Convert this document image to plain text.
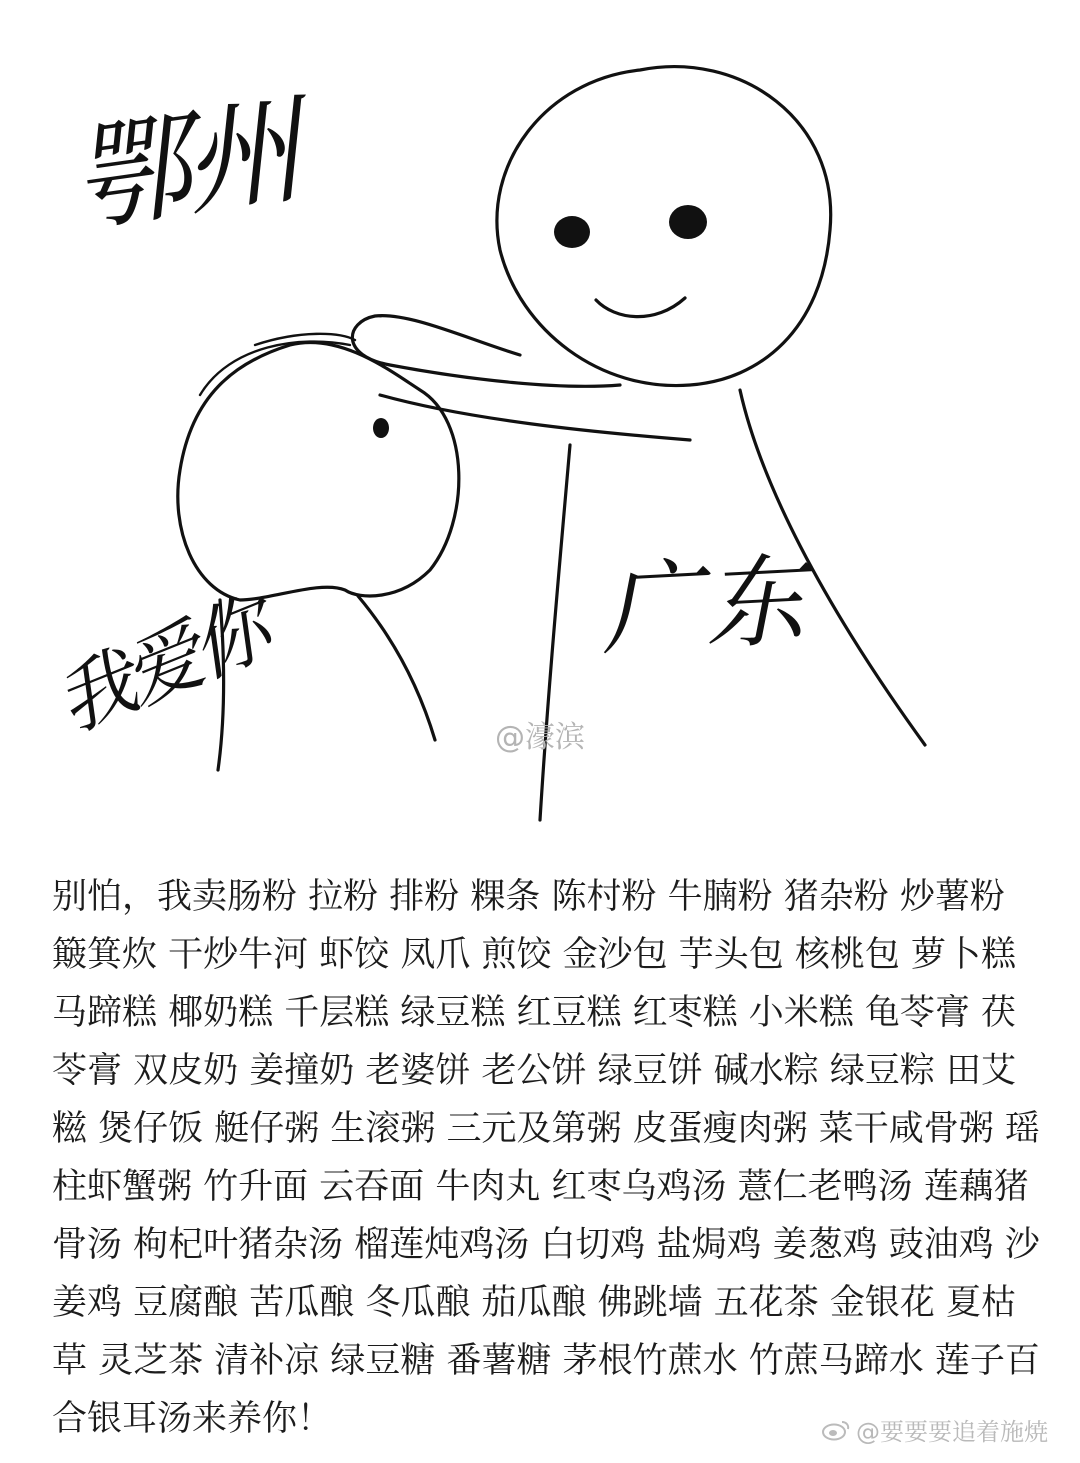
鄂州
广东
我爱你	@濠滨
别怕，我卖肠粉 拉粉 排粉 粿条 陈村粉 牛腩粉 猪杂粉 炒薯粉 簸箕炊 干炒牛河 虾饺 凤爪 煎饺 金沙包 芋头包 核桃包 萝卜糕 马蹄糕 椰奶糕 千层糕 绿豆糕 红豆糕 红枣糕 小米糕 龟苓膏 茯苓膏 双皮奶 姜撞奶 老婆饼 老公饼 绿豆饼 碱水粽 绿豆粽 田艾糍 煲仔饭 艇仔粥 生滚粥 三元及第粥 皮蛋瘦肉粥 菜干咸骨粥 瑶柱虾蟹粥 竹升面 云吞面 牛肉丸 红枣乌鸡汤 薏仁老鸭汤 莲藕猪骨汤 枸杞叶猪杂汤 榴莲炖鸡汤 白切鸡 盐焗鸡 姜葱鸡 豉油鸡 沙姜鸡 豆腐酿 苦瓜酿 冬瓜酿 茄瓜酿 佛跳墙 五花茶 金银花 夏枯草 灵芝茶 清补凉 绿豆糖 番薯糖 茅根竹蔗水 竹蔗马蹄水 莲子百合银耳汤来养你！	@要要要追着施焼
